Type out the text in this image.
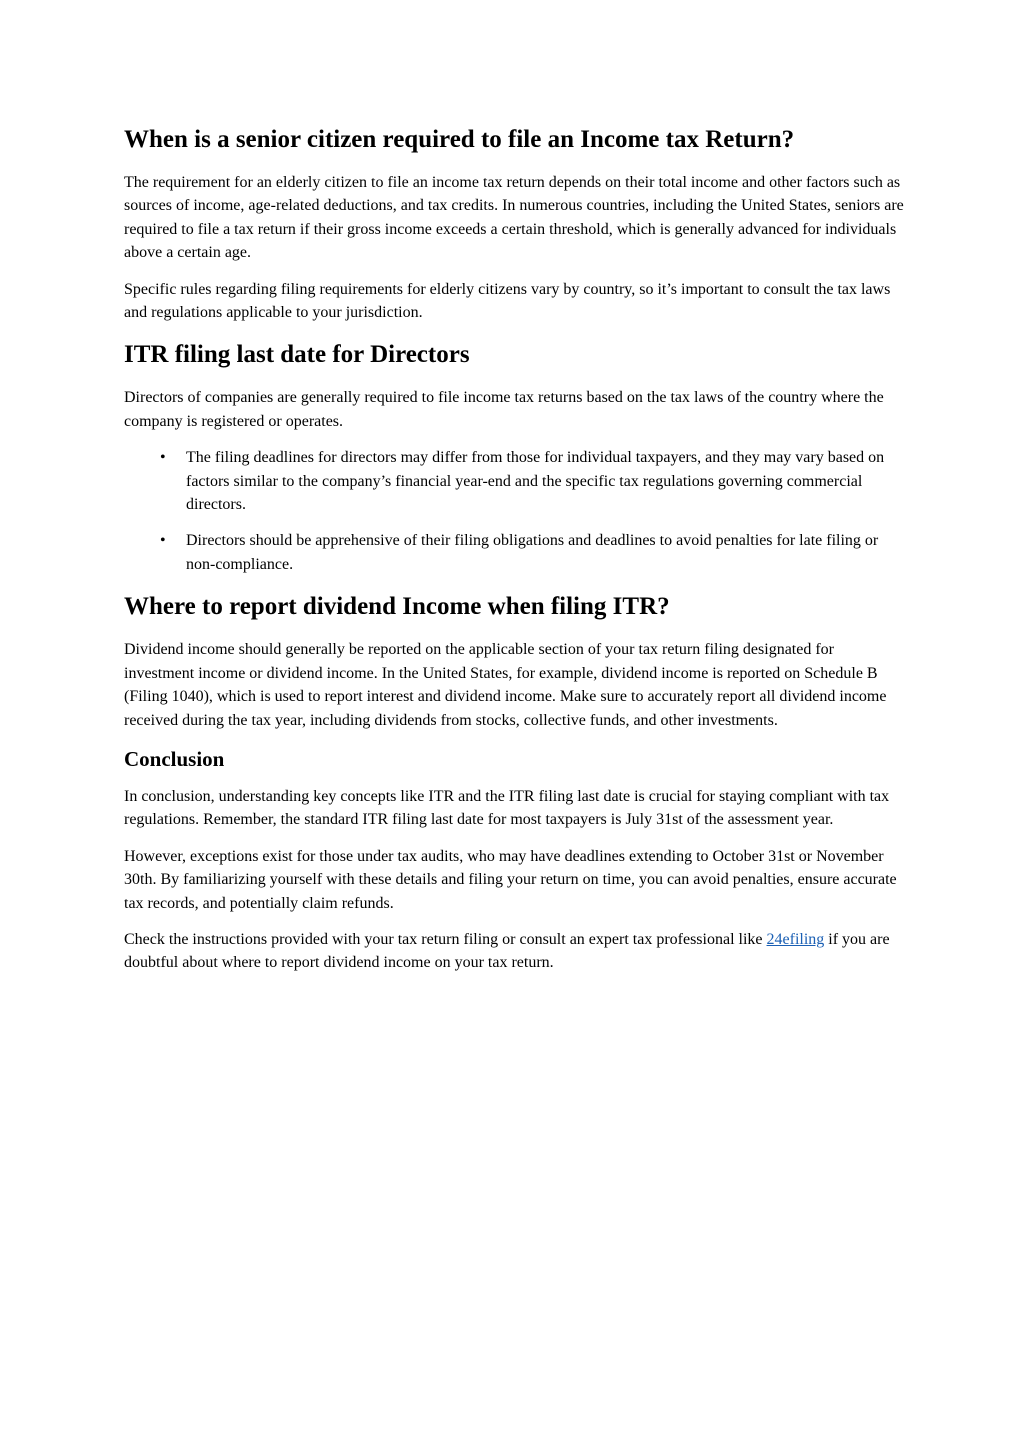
When is a senior citizen required to file an Income tax Return?

The requirement for an elderly citizen to file an income tax return depends on their total income and other factors such as sources of income, age-related deductions, and tax credits. In numerous countries, including the United States, seniors are required to file a tax return if their gross income exceeds a certain threshold, which is generally advanced for individuals above a certain age.

Specific rules regarding filing requirements for elderly citizens vary by country, so it’s important to consult the tax laws and regulations applicable to your jurisdiction.

ITR filing last date for Directors

Directors of companies are generally required to file income tax returns based on the tax laws of the country where the company is registered or operates.

• The filing deadlines for directors may differ from those for individual taxpayers, and they may vary based on factors similar to the company’s financial year-end and the specific tax regulations governing commercial directors.
• Directors should be apprehensive of their filing obligations and deadlines to avoid penalties for late filing or non-compliance.
Where to report dividend Income when filing ITR?

Dividend income should generally be reported on the applicable section of your tax return filing designated for investment income or dividend income. In the United States, for example, dividend income is reported on Schedule B (Filing 1040), which is used to report interest and dividend income. Make sure to accurately report all dividend income received during the tax year, including dividends from stocks, collective funds, and other investments.

Conclusion

In conclusion, understanding key concepts like ITR and the ITR filing last date is crucial for staying compliant with tax regulations. Remember, the standard ITR filing last date for most taxpayers is July 31st of the assessment year.

However, exceptions exist for those under tax audits, who may have deadlines extending to October 31st or November 30th. By familiarizing yourself with these details and filing your return on time, you can avoid penalties, ensure accurate tax records, and potentially claim refunds.

Check the instructions provided with your tax return filing or consult an expert tax professional like 24efiling if you are doubtful about where to report dividend income on your tax return.
